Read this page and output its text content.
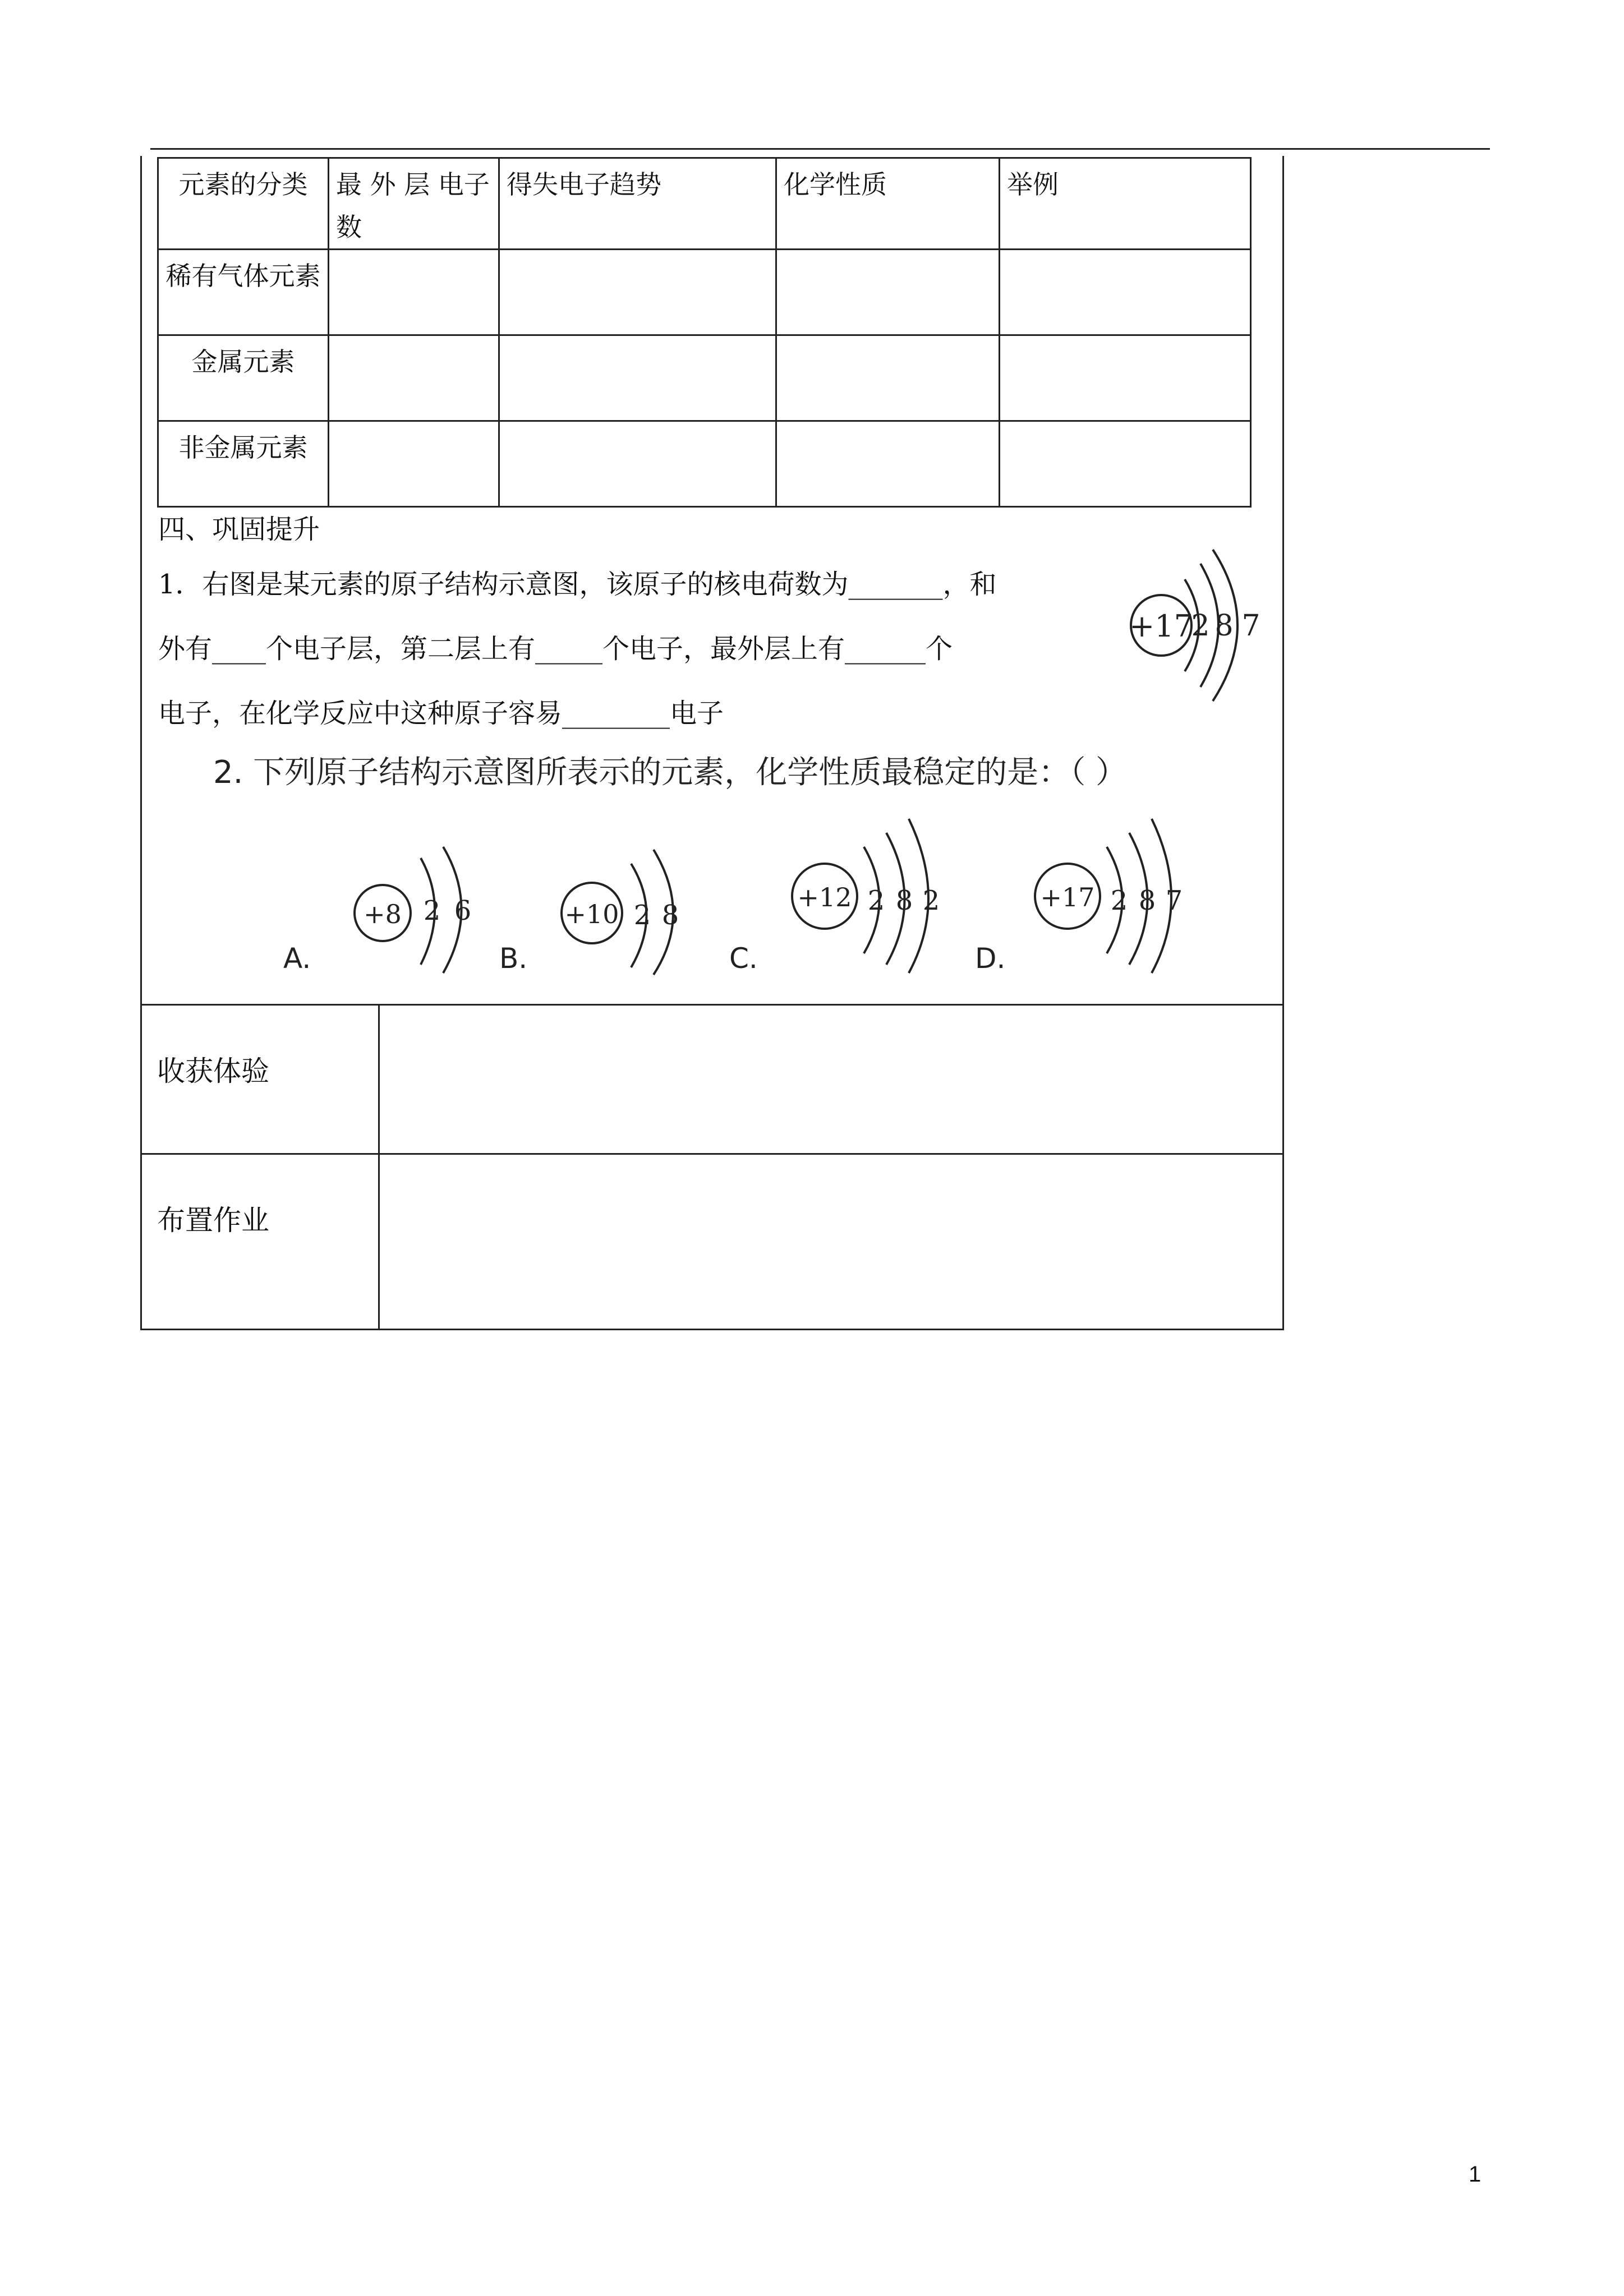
元素的分类	最 外 层 电子数	得失电子趋势	化学性质	举例
稀有气体元素				
金属元素				
非金属元素				
四、巩固提升
1．右图是某元素的原子结构示意图，该原子的核电荷数为_______，和
外有____个电子层，第二层上有_____个电子，最外层上有______个
电子，在化学反应中这种原子容易________电子
+17
2 8 7
2. 下列原子结构示意图所表示的元素，化学性质最稳定的是：（ ）
+8 2 6
A.
+10 2 8
B.
+12 2 8 2
C.
+17 2 8 7
D.
收获体验
布置作业
1
